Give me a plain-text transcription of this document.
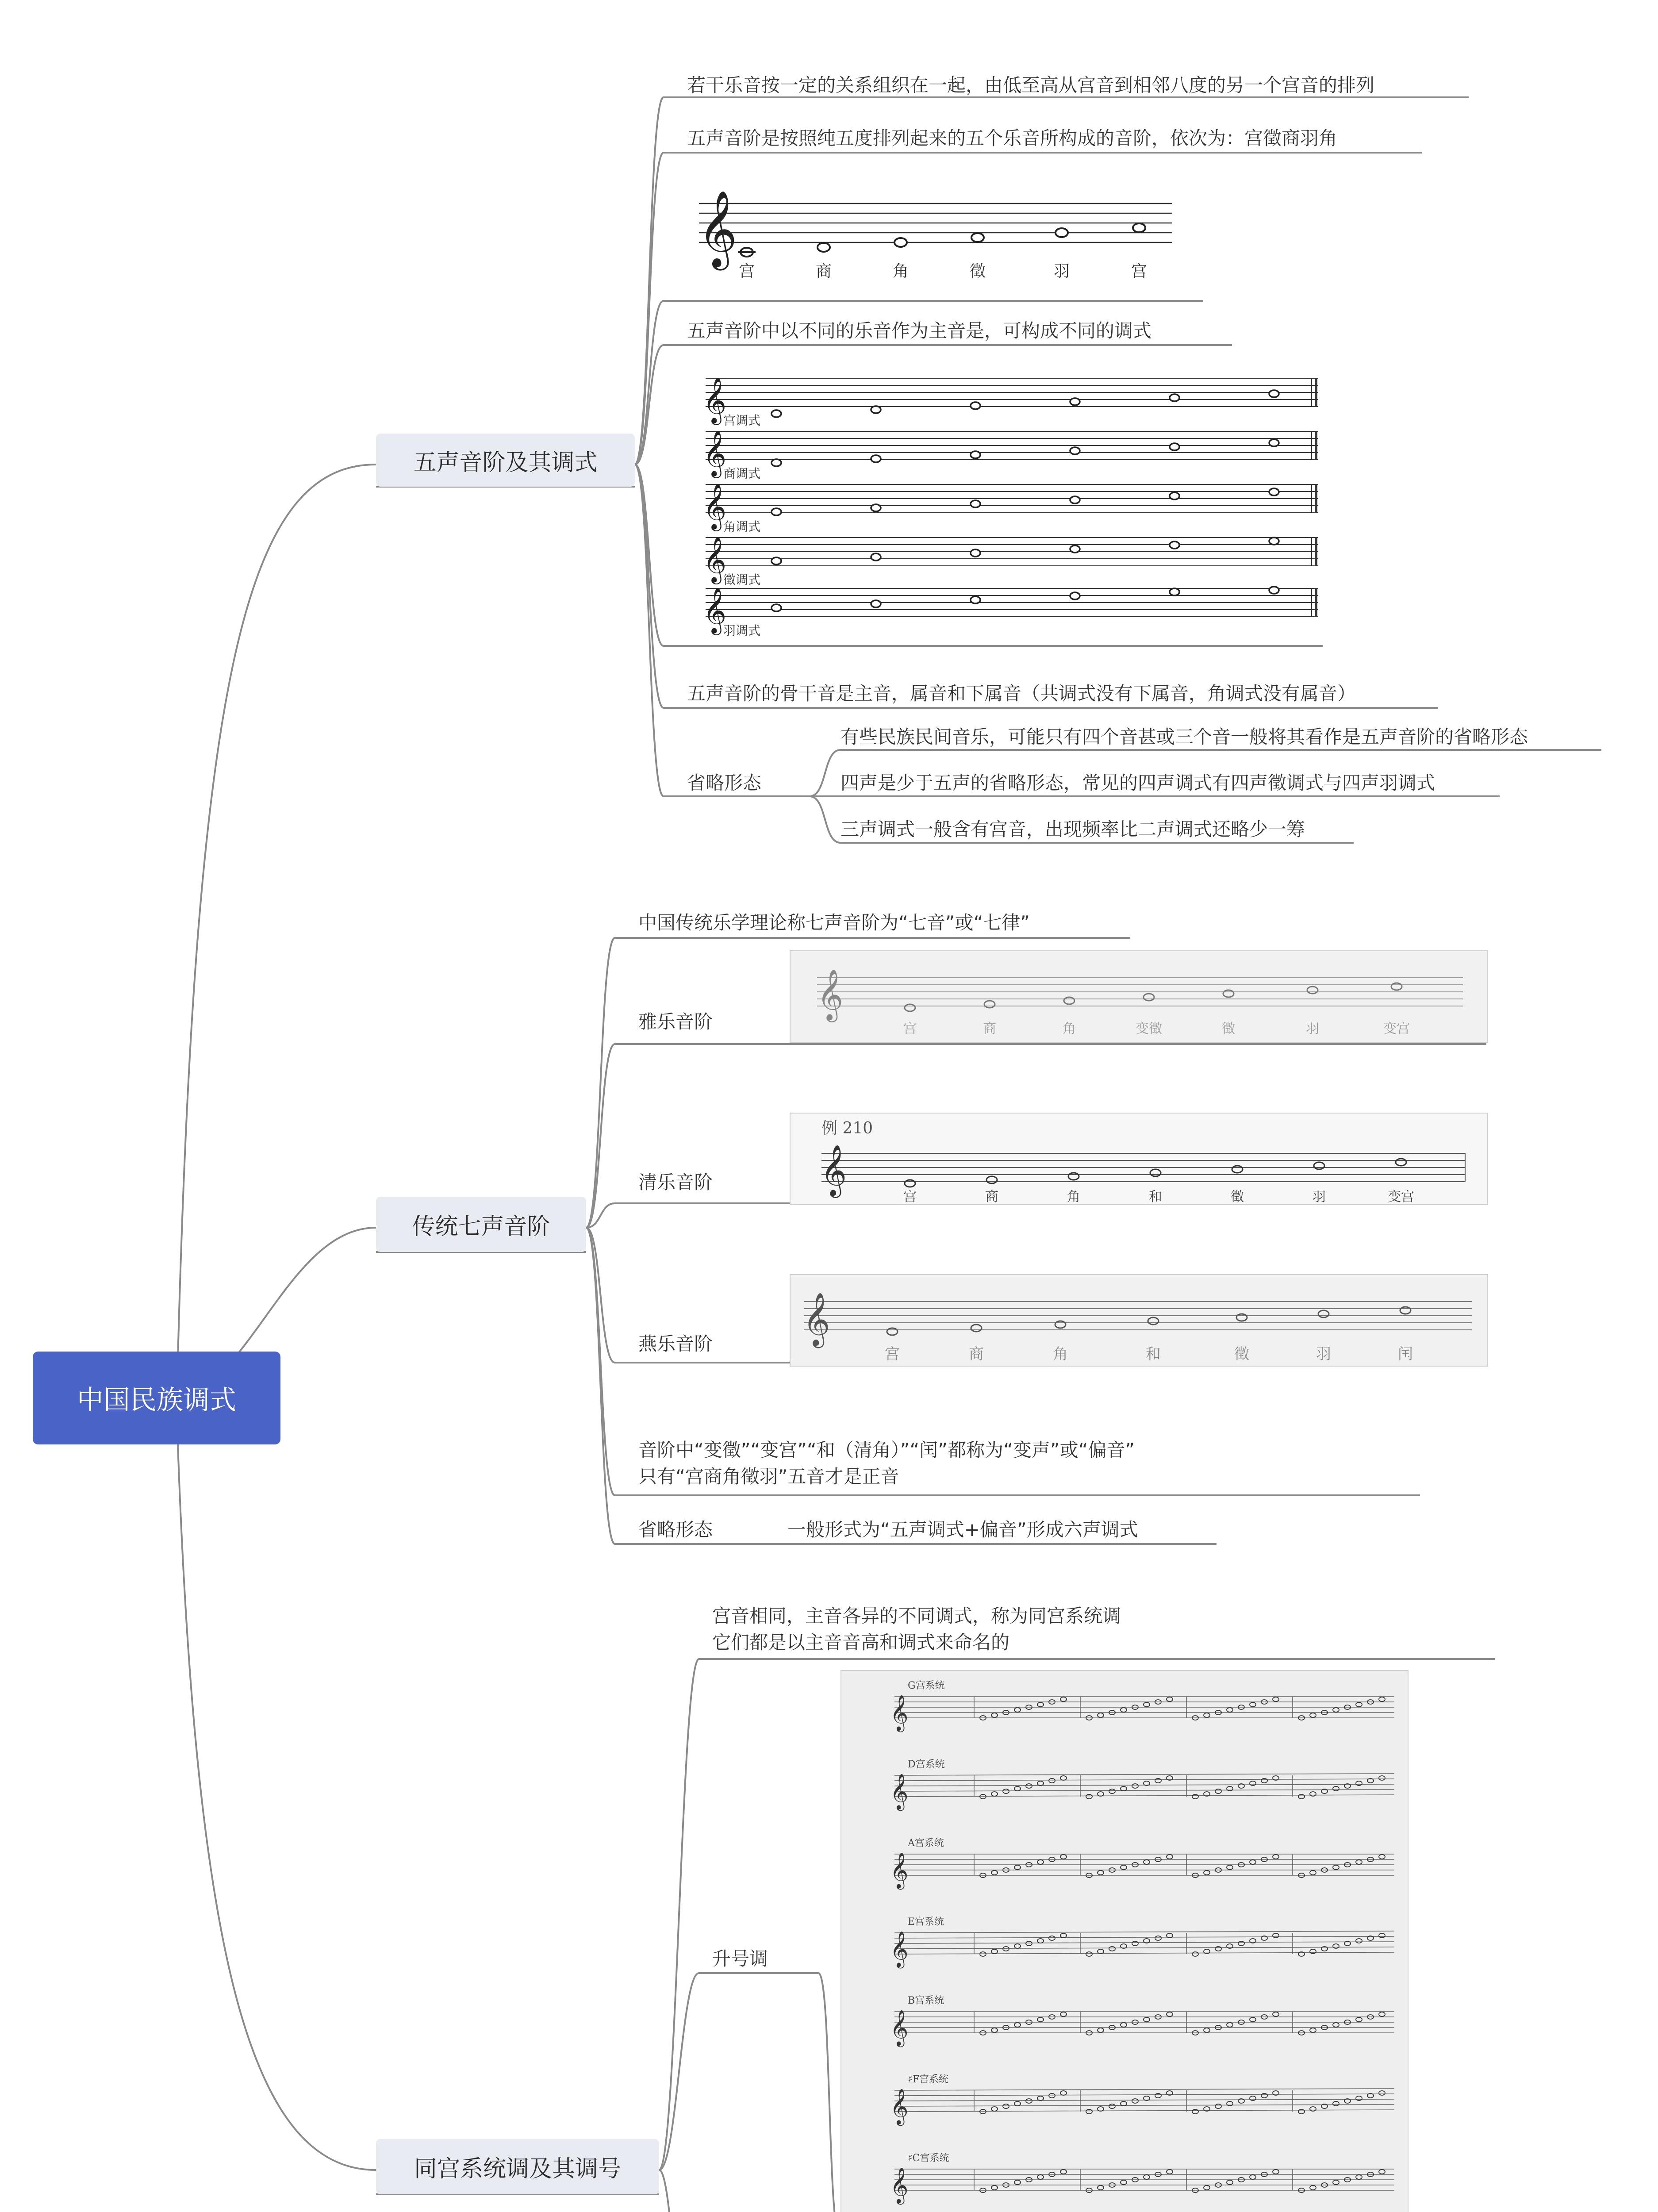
中国民族调式
五声音阶及其调式
若干乐音按一定的关系组织在一起，由低至高从宫音到相邻八度的另一个宫音的排列
五声音阶是按照纯五度排列起来的五个乐音所构成的音阶，依次为：宫徵商羽角
𝄞
宫	商	角	徵	羽	宫
五声音阶中以不同的乐音作为主音是，可构成不同的调式
宫调式
商调式
角调式
徵调式
羽调式
𝄞
𝄞
𝄞
𝄞
𝄞
五声音阶的骨干音是主音，属音和下属音（共调式没有下属音，角调式没有属音）
省略形态
有些民族民间音乐，可能只有四个音甚或三个音一般将其看作是五声音阶的省略形态
四声是少于五声的省略形态，常见的四声调式有四声徵调式与四声羽调式
三声调式一般含有宫音，出现频率比二声调式还略少一筹
传统七声音阶
中国传统乐学理论称七声音阶为“七音”或“七律”
雅乐音阶
清乐音阶
燕乐音阶
𝄞
宫	商	角	变徵	徵	羽	变宫
例 210
𝄞
宫	商	角	和	徵	羽	变宫
𝄞
宫	商	角	和	徵	羽	闰
音阶中“变徵”“变宫”“和（清角）”“闰”都称为“变声”或“偏音”
只有“宫商角徵羽”五音才是正音
省略形态	一般形式为“五声调式+偏音”形成六声调式
同宫系统调及其调号
宫音相同，主音各异的不同调式，称为同宫系统调
它们都是以主音音高和调式来命名的
升号调
G宫系统
𝄞
D宫系统
𝄞
A宫系统
𝄞
E宫系统
𝄞
B宫系统
𝄞
♯F宫系统
𝄞
♯C宫系统
𝄞
